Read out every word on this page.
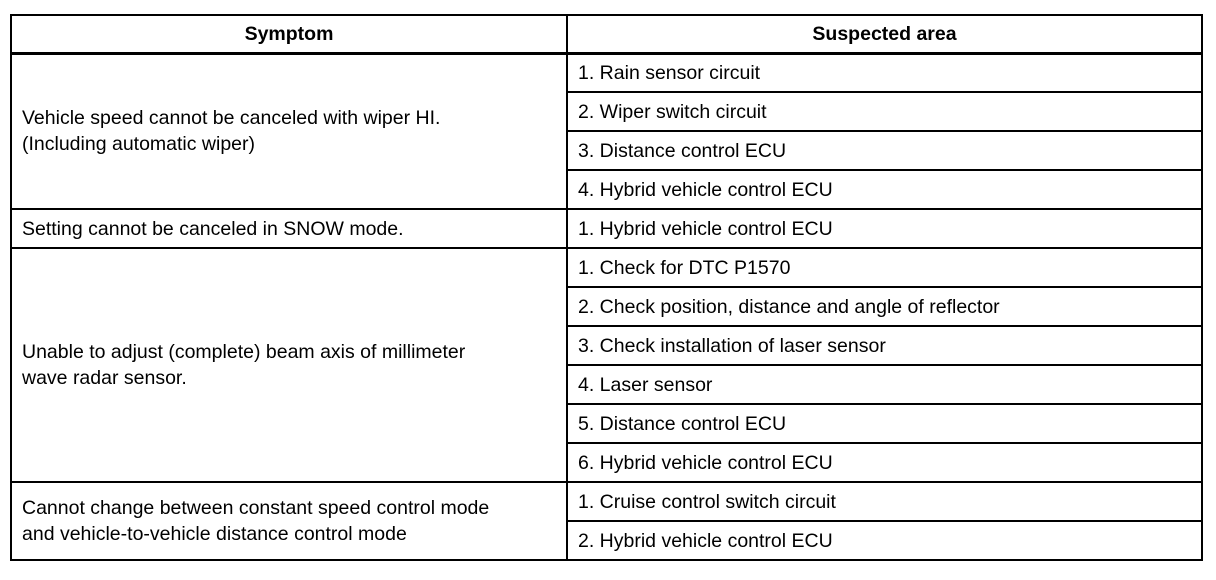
Symptom	Suspected area
Vehicle speed cannot be canceled with wiper HI.
(Including automatic wiper)	1. Rain sensor circuit
	2. Wiper switch circuit
	3. Distance control ECU
	4. Hybrid vehicle control ECU
Setting cannot be canceled in SNOW mode.	1. Hybrid vehicle control ECU
Unable to adjust (complete) beam axis of millimeter
wave radar sensor.	1. Check for DTC P1570
	2. Check position, distance and angle of reflector
	3. Check installation of laser sensor
	4. Laser sensor
	5. Distance control ECU
	6. Hybrid vehicle control ECU
Cannot change between constant speed control mode
and vehicle-to-vehicle distance control mode	1. Cruise control switch circuit
	2. Hybrid vehicle control ECU
